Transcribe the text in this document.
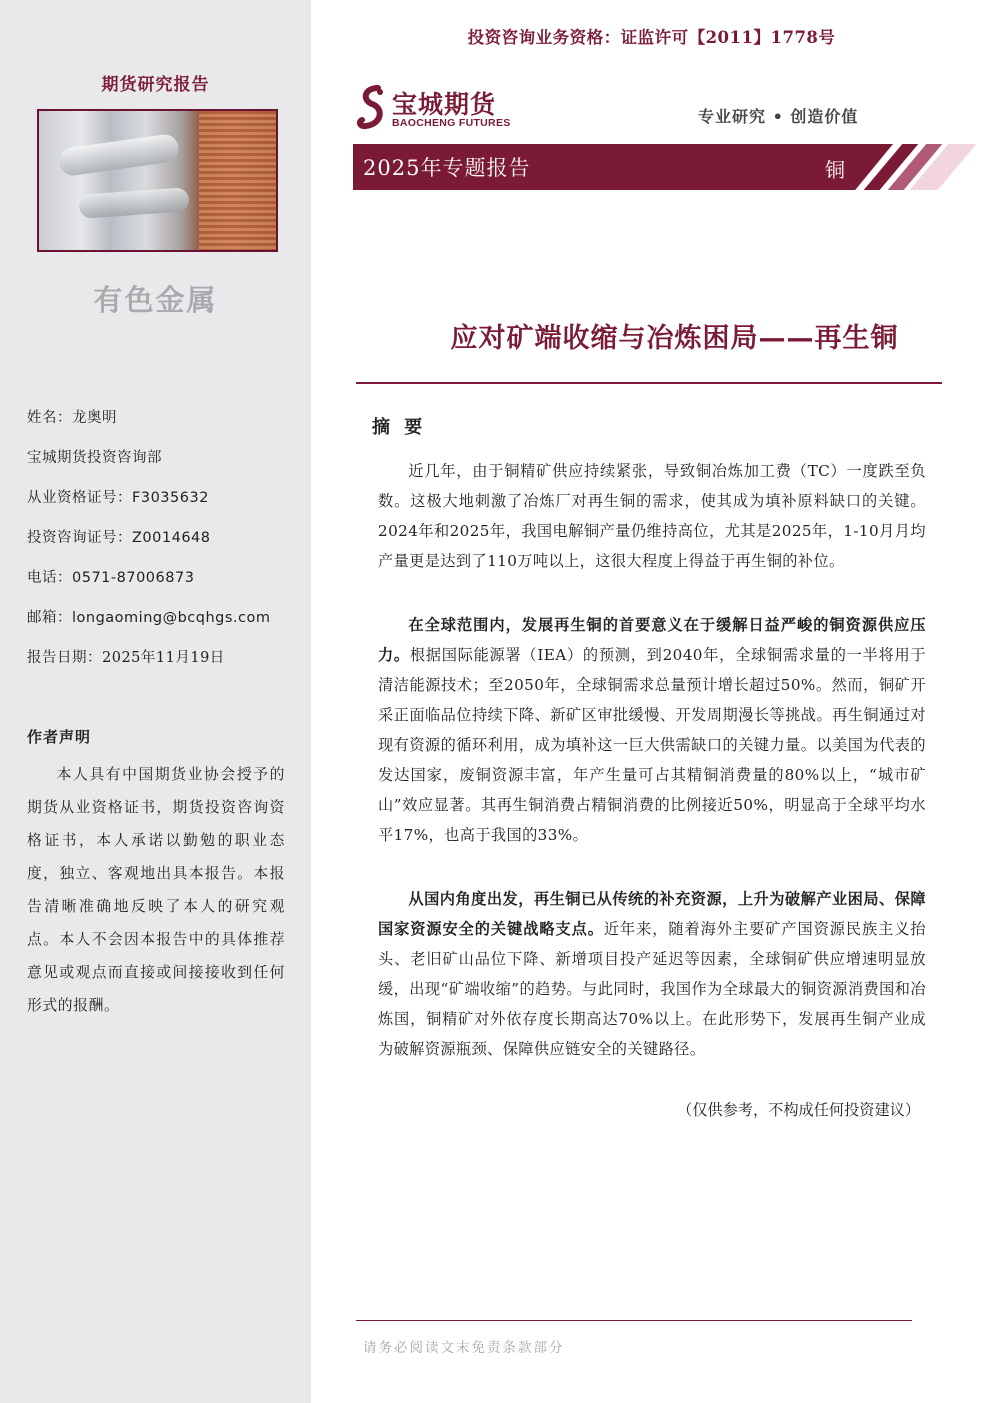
期货研究报告
有色金属
姓名：龙奥明
宝城期货投资咨询部
从业资格证号：F3035632
投资咨询证号：Z0014648
电话：0571-87006873
邮箱：longaoming@bcqhgs.com
报告日期：2025年11月19日
作者声明
本人具有中国期货业协会授予的期货从业资格证书，期货投资咨询资格证书，本人承诺以勤勉的职业态度，独立、客观地出具本报告。本报告清晰准确地反映了本人的研究观点。本人不会因本报告中的具体推荐意见或观点而直接或间接接收到任何形式的报酬。
投资咨询业务资格：证监许可【2011】1778号
宝城期货
BAOCHENG FUTURES	专业研究 • 创造价值
2025年专题报告	铜
应对矿端收缩与冶炼困局——再生铜
摘 要
近几年，由于铜精矿供应持续紧张，导致铜冶炼加工费（TC）一度跌至负数。这极大地刺激了冶炼厂对再生铜的需求，使其成为填补原料缺口的关键。2024年和2025年，我国电解铜产量仍维持高位，尤其是2025年，1-10月月均产量更是达到了110万吨以上，这很大程度上得益于再生铜的补位。
在全球范围内，发展再生铜的首要意义在于缓解日益严峻的铜资源供应压力。根据国际能源署（IEA）的预测，到2040年，全球铜需求量的一半将用于清洁能源技术；至2050年，全球铜需求总量预计增长超过50%。然而，铜矿开采正面临品位持续下降、新矿区审批缓慢、开发周期漫长等挑战。再生铜通过对现有资源的循环利用，成为填补这一巨大供需缺口的关键力量。以美国为代表的发达国家，废铜资源丰富，年产生量可占其精铜消费量的80%以上，“城市矿山”效应显著。其再生铜消费占精铜消费的比例接近50%，明显高于全球平均水平17%，也高于我国的33%。
从国内角度出发，再生铜已从传统的补充资源，上升为破解产业困局、保障国家资源安全的关键战略支点。近年来，随着海外主要矿产国资源民族主义抬头、老旧矿山品位下降、新增项目投产延迟等因素，全球铜矿供应增速明显放缓，出现“矿端收缩”的趋势。与此同时，我国作为全球最大的铜资源消费国和冶炼国，铜精矿对外依存度长期高达70%以上。在此形势下，发展再生铜产业成为破解资源瓶颈、保障供应链安全的关键路径。
（仅供参考，不构成任何投资建议）
请务必阅读文末免责条款部分
